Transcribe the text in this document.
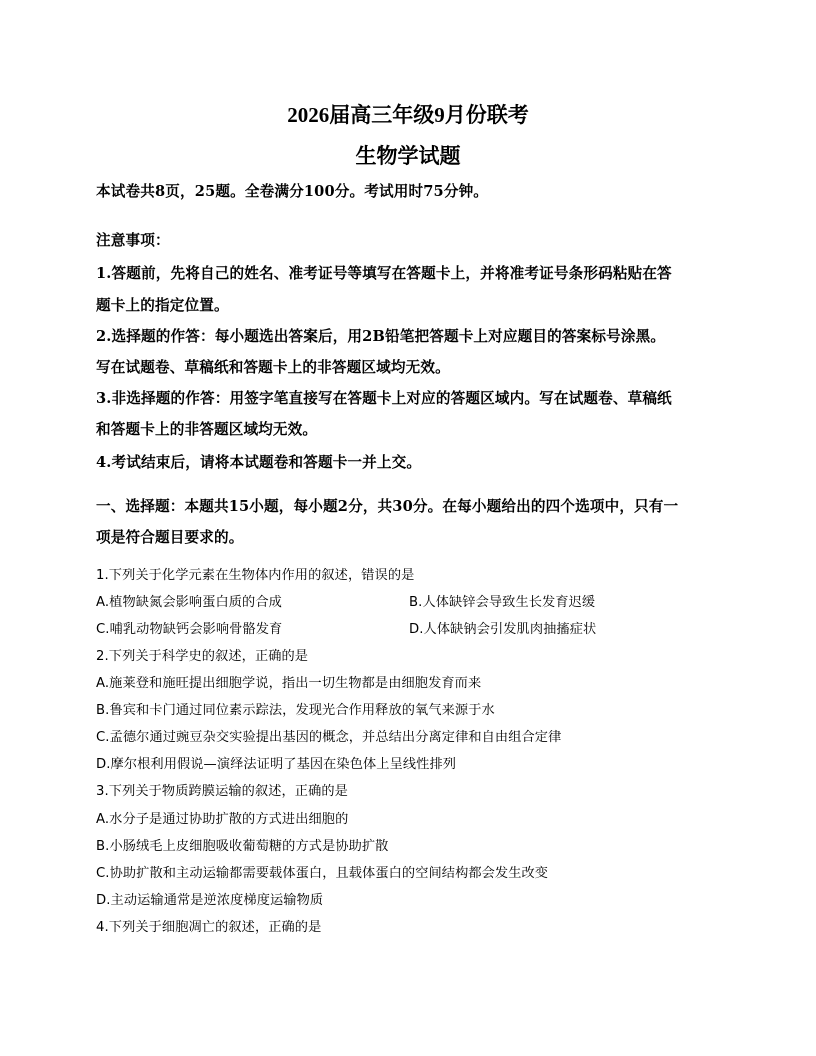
2026届高三年级9月份联考
生物学试题
本试卷共8页，25题。全卷满分100分。考试用时75分钟。
注意事项：
1.答题前，先将自己的姓名、准考证号等填写在答题卡上，并将准考证号条形码粘贴在答
题卡上的指定位置。
2.选择题的作答：每小题选出答案后，用2B铅笔把答题卡上对应题目的答案标号涂黑。
写在试题卷、草稿纸和答题卡上的非答题区域均无效。
3.非选择题的作答：用签字笔直接写在答题卡上对应的答题区域内。写在试题卷、草稿纸
和答题卡上的非答题区域均无效。
4.考试结束后，请将本试题卷和答题卡一并上交。
一、选择题：本题共15小题，每小题2分，共30分。在每小题给出的四个选项中，只有一
项是符合题目要求的。
1.下列关于化学元素在生物体内作用的叙述，错误的是
A.植物缺氮会影响蛋白质的合成	B.人体缺锌会导致生长发育迟缓
C.哺乳动物缺钙会影响骨骼发育	D.人体缺钠会引发肌肉抽搐症状
2.下列关于科学史的叙述，正确的是
A.施莱登和施旺提出细胞学说，指出一切生物都是由细胞发育而来
B.鲁宾和卡门通过同位素示踪法，发现光合作用释放的氧气来源于水
C.孟德尔通过豌豆杂交实验提出基因的概念，并总结出分离定律和自由组合定律
D.摩尔根利用假说—演绎法证明了基因在染色体上呈线性排列
3.下列关于物质跨膜运输的叙述，正确的是
A.水分子是通过协助扩散的方式进出细胞的
B.小肠绒毛上皮细胞吸收葡萄糖的方式是协助扩散
C.协助扩散和主动运输都需要载体蛋白，且载体蛋白的空间结构都会发生改变
D.主动运输通常是逆浓度梯度运输物质
4.下列关于细胞凋亡的叙述，正确的是
